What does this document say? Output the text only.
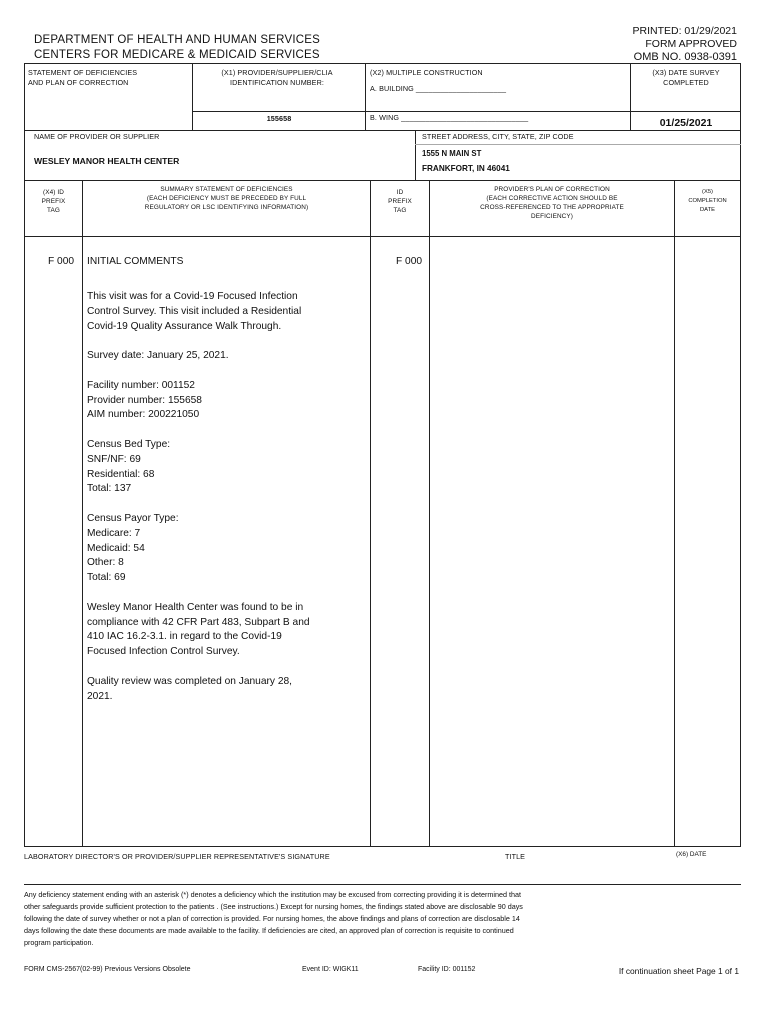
DEPARTMENT OF HEALTH AND HUMAN SERVICES
CENTERS FOR MEDICARE & MEDICAID SERVICES
PRINTED: 01/29/2021
FORM APPROVED
OMB NO. 0938-0391
STATEMENT OF DEFICIENCIES
AND PLAN OF CORRECTION
(X1) PROVIDER/SUPPLIER/CLIA
IDENTIFICATION NUMBER:
155658
(X2) MULTIPLE CONSTRUCTION
A. BUILDING ______________________
B. WING _______________________________
(X3) DATE SURVEY
COMPLETED
01/25/2021
NAME OF PROVIDER OR SUPPLIER
WESLEY MANOR HEALTH CENTER
STREET ADDRESS, CITY, STATE, ZIP CODE
1555 N MAIN ST
FRANKFORT, IN 46041
(X4) ID
PREFIX
TAG
SUMMARY STATEMENT OF DEFICIENCIES
(EACH DEFICIENCY MUST BE PRECEDED BY FULL
REGULATORY OR LSC IDENTIFYING INFORMATION)
ID
PREFIX
TAG
PROVIDER'S PLAN OF CORRECTION
(EACH CORRECTIVE ACTION SHOULD BE
CROSS-REFERENCED TO THE APPROPRIATE
DEFICIENCY)
(X5)
COMPLETION
DATE
F 000 INITIAL COMMENTS	F 000
This visit was for a Covid-19 Focused Infection
Control Survey. This visit included a Residential
Covid-19 Quality Assurance Walk Through.
Survey date: January 25, 2021.
Facility number: 001152
Provider number: 155658
AIM number: 200221050
Census Bed Type:
SNF/NF: 69
Residential: 68
Total: 137
Census Payor Type:
Medicare: 7
Medicaid: 54
Other: 8
Total: 69
Wesley Manor Health Center was found to be in
compliance with 42 CFR Part 483, Subpart B and
410 IAC 16.2-3.1. in regard to the Covid-19
Focused Infection Control Survey.
Quality review was completed on January 28,
2021.
LABORATORY DIRECTOR'S OR PROVIDER/SUPPLIER REPRESENTATIVE'S SIGNATURE	TITLE	(X6) DATE
Any deficiency statement ending with an asterisk (*) denotes a deficiency which the institution may be excused from correcting providing it is determined that
other safeguards provide sufficient protection to the patients . (See instructions.) Except for nursing homes, the findings stated above are disclosable 90 days
following the date of survey whether or not a plan of correction is provided. For nursing homes, the above findings and plans of correction are disclosable 14
days following the date these documents are made available to the facility. If deficiencies are cited, an approved plan of correction is requisite to continued
program participation.
FORM CMS-2567(02-99) Previous Versions Obsolete	Event ID: WIGK11	Facility ID: 001152	If continuation sheet Page 1 of 1
